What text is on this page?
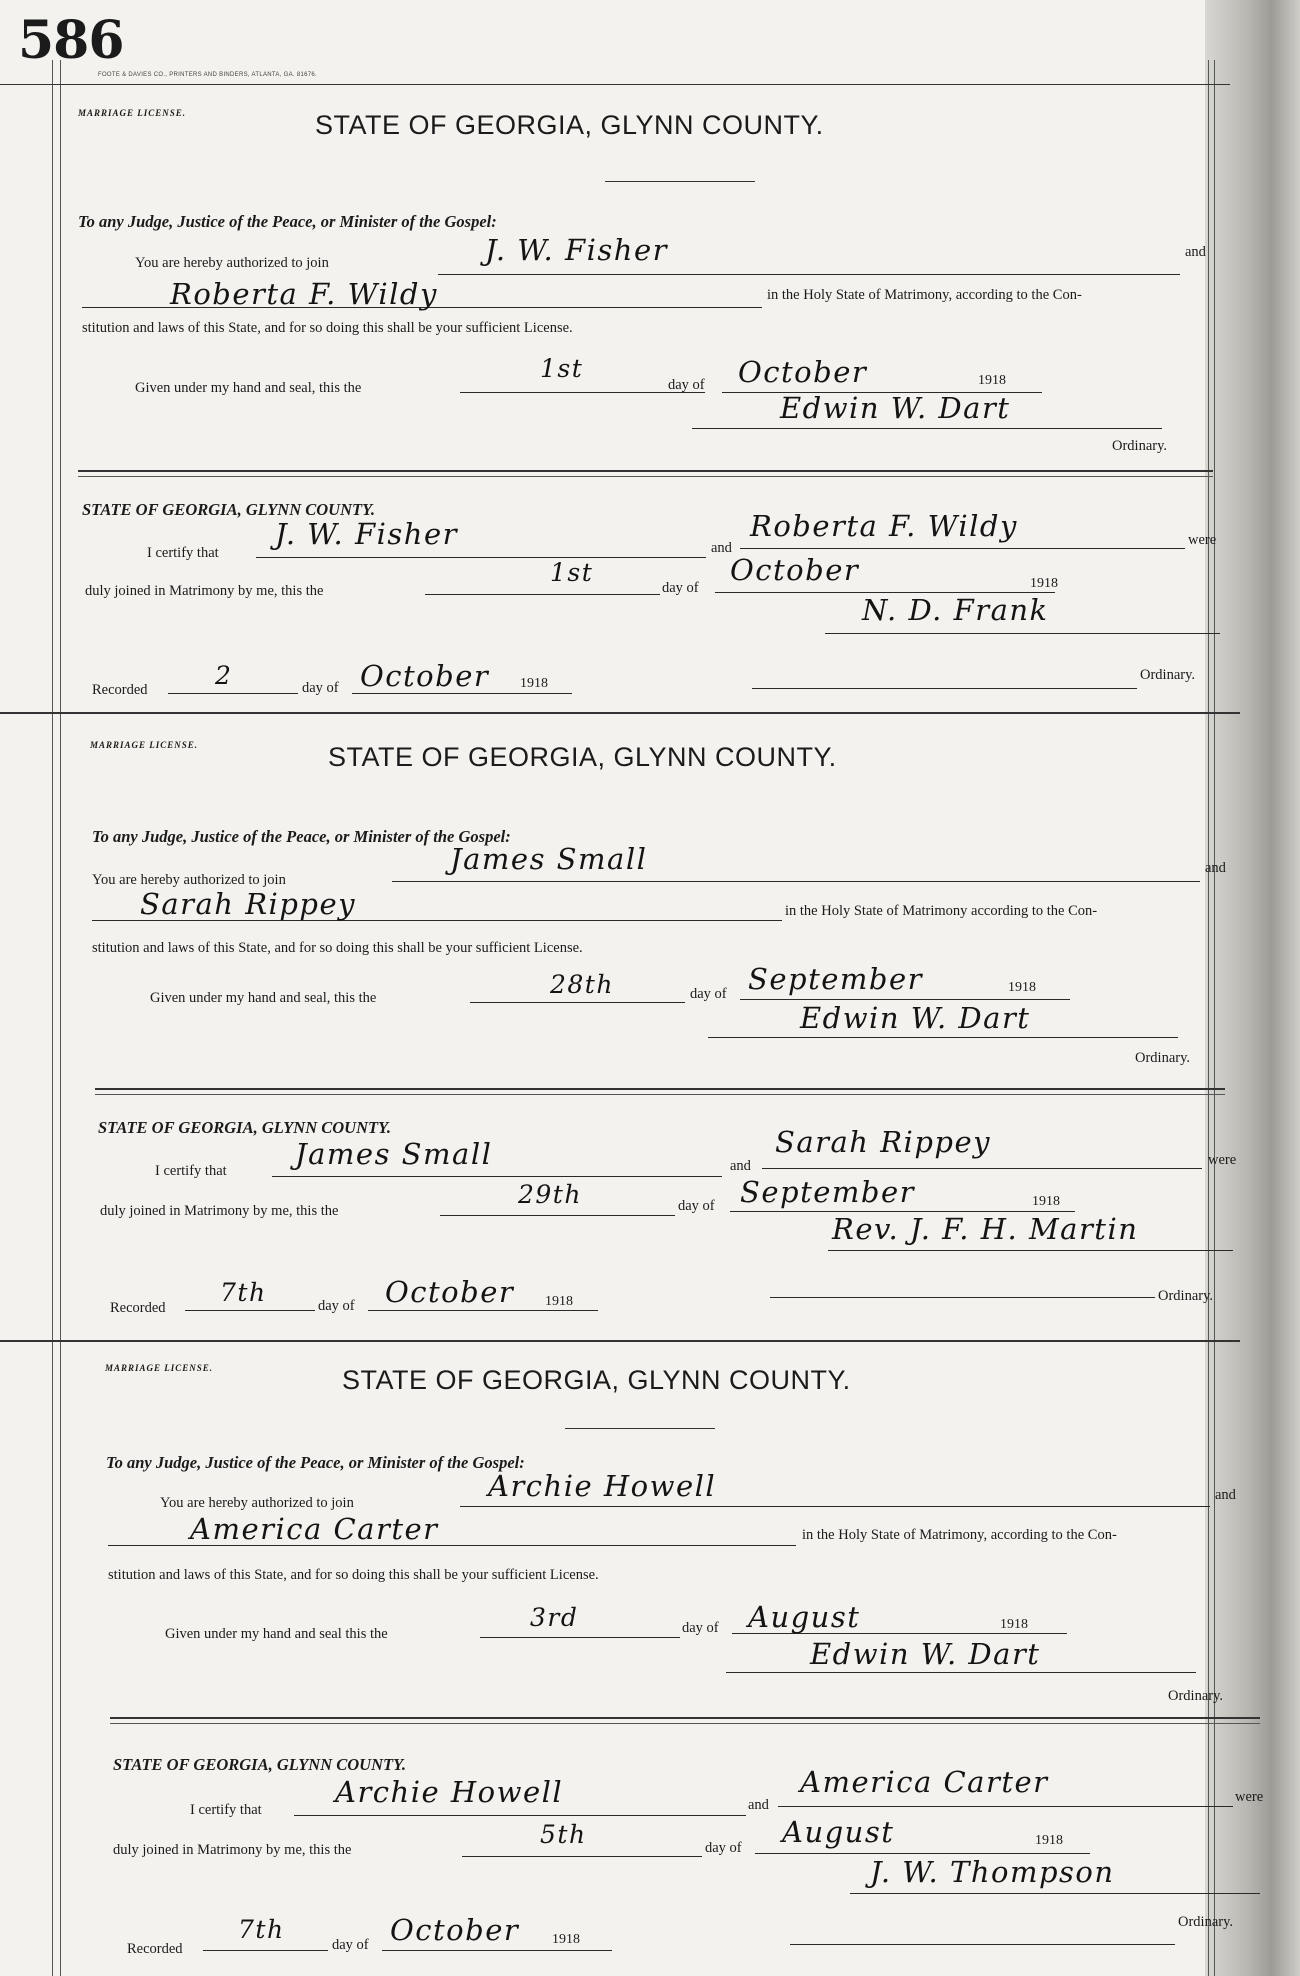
586
FOOTE & DAVIES CO., PRINTERS AND BINDERS, ATLANTA, GA. 81676.
MARRIAGE LICENSE.	STATE OF GEORGIA, GLYNN COUNTY.
To any Judge, Justice of the Peace, or Minister of the Gospel:
You are hereby authorized to join	J. W. Fisher	and
Roberta F. Wildy	in the Holy State of Matrimony, according to the Con-
stitution and laws of this State, and for so doing this shall be your sufficient License.
Given under my hand and seal, this the
1st
day of October	1918
Edwin W. Dart
Ordinary.
STATE OF GEORGIA, GLYNN COUNTY.
I certify that
J. W. Fisher	and
Roberta F. Wildy	were
duly joined in Matrimony by me, this the
1st
day of
October	1918
N. D. Frank
Recorded	2	day of October 1918
Ordinary.
MARRIAGE LICENSE.	STATE OF GEORGIA, GLYNN COUNTY.
To any Judge, Justice of the Peace, or Minister of the Gospel:
You are hereby authorized to join
James Small	and
Sarah Rippey	in the Holy State of Matrimony according to the Con-
stitution and laws of this State, and for so doing this shall be your sufficient License.
Given under my hand and seal, this the	28th	day of September	1918
Edwin W. Dart
Ordinary.
STATE OF GEORGIA, GLYNN COUNTY.
I certify that James Small	and
Sarah Rippey
were
duly joined in Matrimony by me, this the
29th	day of September	1918
Rev. J. F. H. Martin
Recorded
7th	day of October 1918	Ordinary.
MARRIAGE LICENSE.	STATE OF GEORGIA, GLYNN COUNTY.
To any Judge, Justice of the Peace, or Minister of the Gospel:
You are hereby authorized to join	Archie Howell	and
America Carter	in the Holy State of Matrimony, according to the Con-
stitution and laws of this State, and for so doing this shall be your sufficient License.
Given under my hand and seal this the
3rd	day of August	1918
Edwin W. Dart
Ordinary.
STATE OF GEORGIA, GLYNN COUNTY.
I certify that
Archie Howell	and
America Carter	were
duly joined in Matrimony by me, this the
5th	day of August	1918
J. W. Thompson
Recorded
7th
day of October 1918
Ordinary.
